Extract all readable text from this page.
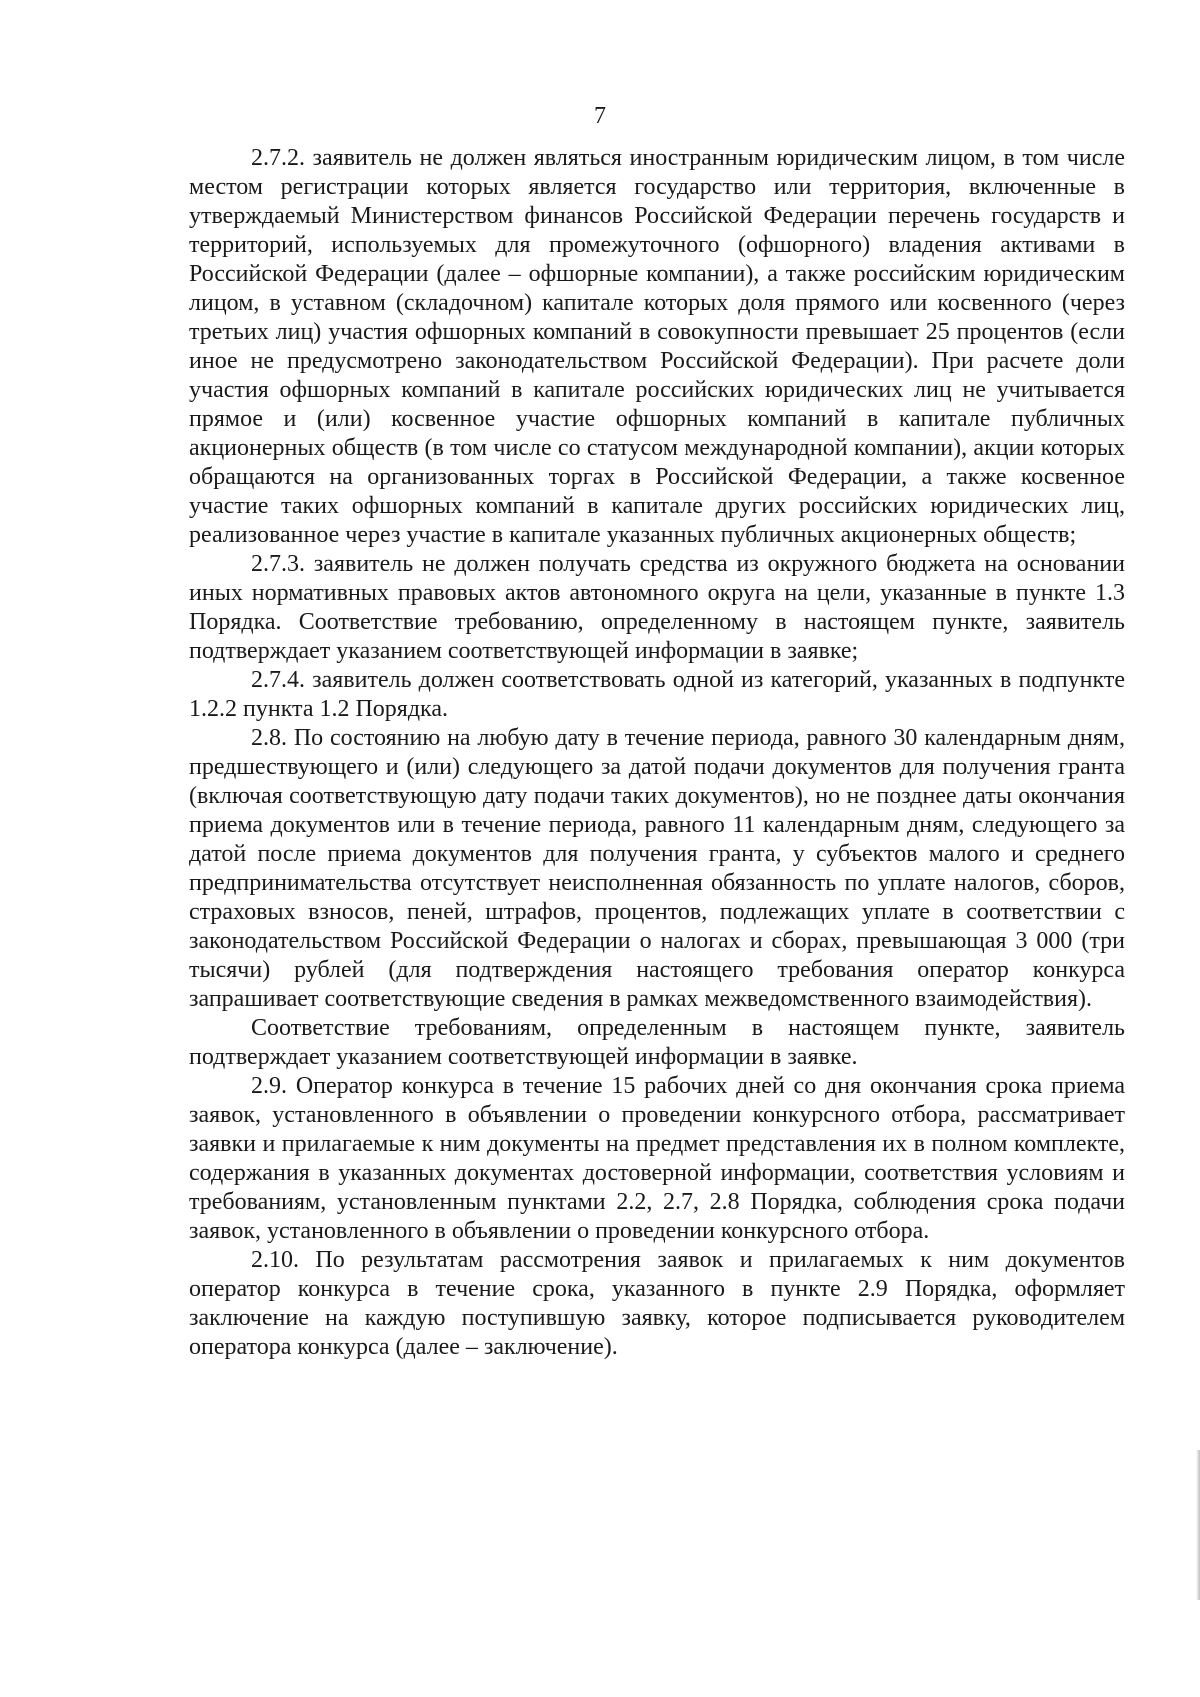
7

2.7.2. заявитель не должен являться иностранным юридическим лицом, в том числе местом регистрации которых является государство или территория, включенные в утверждаемый Министерством финансов Российской Федерации перечень государств и территорий, используемых для промежуточного (офшорного) владения активами в Российской Федерации (далее – офшорные компании), а также российским юридическим лицом, в уставном (складочном) капитале которых доля прямого или косвенного (через третьих лиц) участия офшорных компаний в совокупности превышает 25 процентов (если иное не предусмотрено законодательством Российской Федерации). При расчете доли участия офшорных компаний в капитале российских юридических лиц не учитывается прямое и (или) косвенное участие офшорных компаний в капитале публичных акционерных обществ (в том числе со статусом международной компании), акции которых обращаются на организованных торгах в Российской Федерации, а также косвенное участие таких офшорных компаний в капитале других российских юридических лиц, реализованное через участие в капитале указанных публичных акционерных обществ;

2.7.3. заявитель не должен получать средства из окружного бюджета на основании иных нормативных правовых актов автономного округа на цели, указанные в пункте 1.3 Порядка. Соответствие требованию, определенному в настоящем пункте, заявитель подтверждает указанием соответствующей информации в заявке;

2.7.4. заявитель должен соответствовать одной из категорий, указанных в подпункте 1.2.2 пункта 1.2 Порядка.

2.8. По состоянию на любую дату в течение периода, равного 30 календарным дням, предшествующего и (или) следующего за датой подачи документов для получения гранта (включая соответствующую дату подачи таких документов), но не позднее даты окончания приема документов или в течение периода, равного 11 календарным дням, следующего за датой после приема документов для получения гранта, у субъектов малого и среднего предпринимательства отсутствует неисполненная обязанность по уплате налогов, сборов, страховых взносов, пеней, штрафов, процентов, подлежащих уплате в соответствии с законодательством Российской Федерации о налогах и сборах, превышающая 3 000 (три тысячи) рублей (для подтверждения настоящего требования оператор конкурса запрашивает соответствующие сведения в рамках межведомственного взаимодействия).

Соответствие требованиям, определенным в настоящем пункте, заявитель подтверждает указанием соответствующей информации в заявке.

2.9. Оператор конкурса в течение 15 рабочих дней со дня окончания срока приема заявок, установленного в объявлении о проведении конкурсного отбора, рассматривает заявки и прилагаемые к ним документы на предмет представления их в полном комплекте, содержания в указанных документах достоверной информации, соответствия условиям и требованиям, установленным пунктами 2.2, 2.7, 2.8 Порядка, соблюдения срока подачи заявок, установленного в объявлении о проведении конкурсного отбора.

2.10. По результатам рассмотрения заявок и прилагаемых к ним документов оператор конкурса в течение срока, указанного в пункте 2.9 Порядка, оформляет заключение на каждую поступившую заявку, которое подписывается руководителем оператора конкурса (далее – заключение).
